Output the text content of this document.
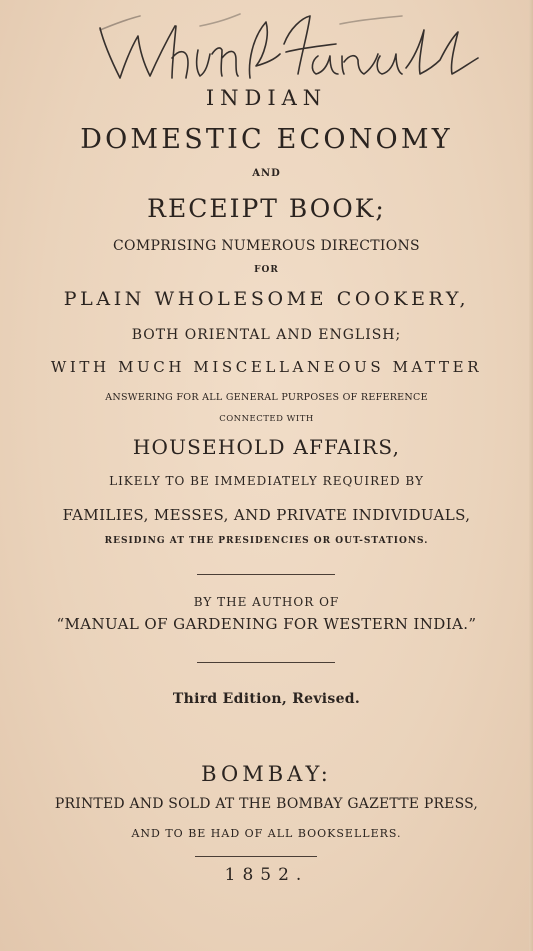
INDIAN
DOMESTIC ECONOMY
AND
RECEIPT BOOK;
COMPRISING NUMEROUS DIRECTIONS
FOR
PLAIN WHOLESOME COOKERY,
BOTH ORIENTAL AND ENGLISH;
WITH MUCH MISCELLANEOUS MATTER
ANSWERING FOR ALL GENERAL PURPOSES OF REFERENCE
CONNECTED WITH
HOUSEHOLD AFFAIRS,
LIKELY TO BE IMMEDIATELY REQUIRED BY
FAMILIES, MESSES, AND PRIVATE INDIVIDUALS,
RESIDING AT THE PRESIDENCIES OR OUT-STATIONS.
BY THE AUTHOR OF
“MANUAL OF GARDENING FOR WESTERN INDIA.”
Third Edition, Revised.
BOMBAY:
PRINTED AND SOLD AT THE BOMBAY GAZETTE PRESS,
AND TO BE HAD OF ALL BOOKSELLERS.
1852.
